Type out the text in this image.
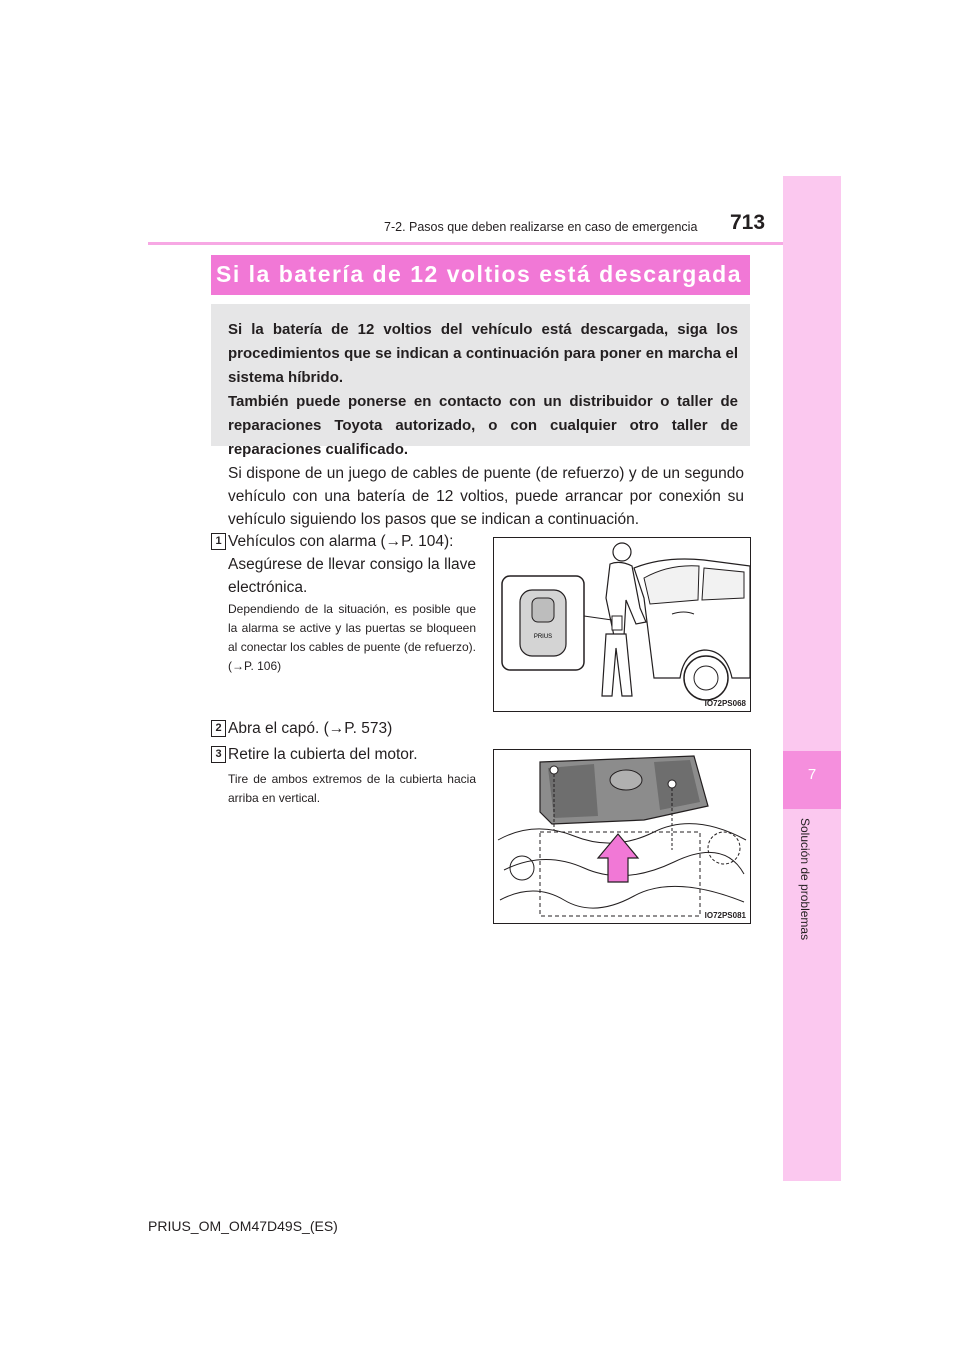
7
Solución de problemas
7-2. Pasos que deben realizarse en caso de emergencia 713
Si la batería de 12 voltios está descargada
Si la batería de 12 voltios del vehículo está descargada, siga los procedimientos que se indican a continuación para poner en marcha el sistema híbrido.
También puede ponerse en contacto con un distribuidor o taller de reparaciones Toyota autorizado, o con cualquier otro taller de reparaciones cualificado.
Si dispone de un juego de cables de puente (de refuerzo) y de un segundo vehículo con una batería de 12 voltios, puede arrancar por conexión su vehículo siguiendo los pasos que se indican a continuación.
1 Vehículos con alarma (→P. 104):
Asegúrese de llevar consigo la llave electrónica.
Dependiendo de la situación, es posible que la alarma se active y las puertas se bloqueen al conectar los cables de puente (de refuerzo). (→P. 106)
PRIUS
IO72PS068
2 Abra el capó. (→P. 573)
3 Retire la cubierta del motor.
Tire de ambos extremos de la cubierta hacia arriba en vertical.
IO72PS081
PRIUS_OM_OM47D49S_(ES)
